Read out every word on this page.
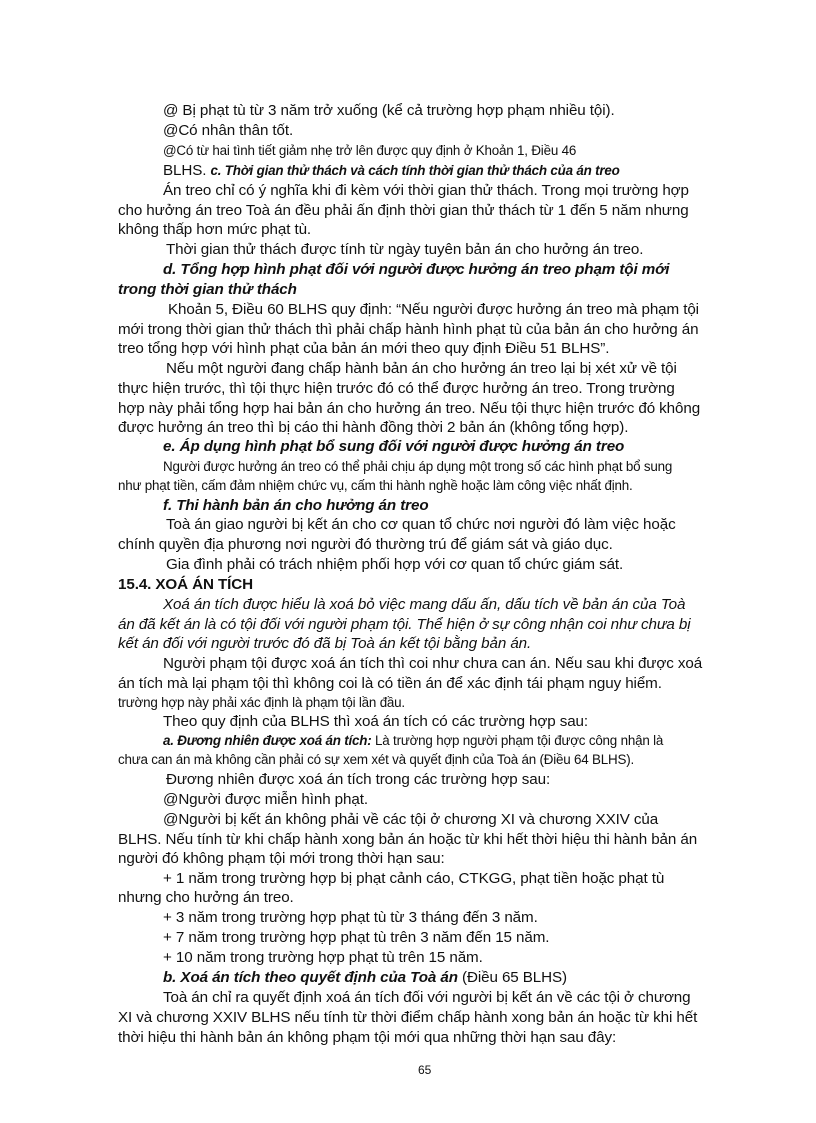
@ Bị phạt tù từ 3 năm trở xuống (kể cả trường hợp phạm nhiều tội).
@Có nhân thân tốt.
@Có từ hai tình tiết giảm nhẹ trở lên được quy định ở Khoản 1, Điều 46
BLHS. c. Thời gian thử thách và cách tính thời gian thử thách của án treo
Án treo chỉ có ý nghĩa khi đi kèm với thời gian thử thách. Trong mọi trường hợp
cho hưởng án treo Toà án đều phải ấn định thời gian thử thách từ 1 đến 5 năm nhưng
không thấp hơn mức phạt tù.
Thời gian thử thách được tính từ ngày tuyên bản án cho hưởng án treo.
d. Tổng hợp hình phạt đối với người được hưởng án treo phạm tội mới
trong thời gian thử thách
Khoản 5, Điều 60 BLHS quy định: “Nếu người được hưởng án treo mà phạm tội
mới trong thời gian thử thách thì phải chấp hành hình phạt tù của bản án cho hưởng án
treo tổng hợp với hình phạt của bản án mới theo quy định Điều 51 BLHS”.
Nếu một người đang chấp hành bản án cho hưởng án treo lại bị xét xử về tội
thực hiện trước, thì tội thực hiện trước đó có thể được hưởng án treo. Trong trường
hợp này phải tổng hợp hai bản án cho hưởng án treo. Nếu tội thực hiện trước đó không
được hưởng án treo thì bị cáo thi hành đồng thời 2 bản án (không tổng hợp).
e. Áp dụng hình phạt bổ sung đối với người được hưởng án treo
Người được hưởng án treo có thể phải chịu áp dụng một trong số các hình phạt bổ sung
như phạt tiền, cấm đảm nhiệm chức vụ, cấm thi hành nghề hoặc làm công việc nhất định.
f. Thi hành bản án cho hưởng án treo
Toà án giao người bị kết án cho cơ quan tổ chức nơi người đó làm việc hoặc
chính quyền địa phương nơi người đó thường trú để giám sát và giáo dục.
Gia đình phải có trách nhiệm phối hợp với cơ quan tổ chức giám sát.
15.4. XOÁ ÁN TÍCH
Xoá án tích được hiểu là xoá bỏ việc mang dấu ấn, dấu tích về bản án của Toà
án đã kết án là có tội đối với người phạm tội. Thể hiện ở sự công nhận coi như chưa bị
kết án đối với người trước đó đã bị Toà án kết tội bằng bản án.
Người phạm tội được xoá án tích thì coi như chưa can án. Nếu sau khi được xoá
án tích mà lại phạm tội thì không coi là có tiền án để xác định tái phạm nguy hiểm.
trường hợp này phải xác định là phạm tội lần đầu.
Theo quy định của BLHS thì xoá án tích có các trường hợp sau:
a. Đương nhiên được xoá án tích: Là trường hợp người phạm tội được công nhận là
chưa can án mà không cần phải có sự xem xét và quyết định của Toà án (Điều 64 BLHS).
Đương nhiên được xoá án tích trong các trường hợp sau:
@Người được miễn hình phạt.
@Người bị kết án không phải về các tội ở chương XI và chương XXIV của
BLHS. Nếu tính từ khi chấp hành xong bản án hoặc từ khi hết thời hiệu thi hành bản án
người đó không phạm tội mới trong thời hạn sau:
+ 1 năm trong trường hợp bị phạt cảnh cáo, CTKGG, phạt tiền hoặc phạt tù
nhưng cho hưởng án treo.
+ 3 năm trong trường hợp phạt tù từ 3 tháng đến 3 năm.
+ 7 năm trong trường hợp phạt tù trên 3 năm đến 15 năm.
+ 10 năm trong trường hợp phạt tù trên 15 năm.
b. Xoá án tích theo quyết định của Toà án (Điều 65 BLHS)
Toà án chỉ ra quyết định xoá án tích đối với người bị kết án về các tội ở chương
XI và chương XXIV BLHS nếu tính từ thời điểm chấp hành xong bản án hoặc từ khi hết
thời hiệu thi hành bản án không phạm tội mới qua những thời hạn sau đây:
65
